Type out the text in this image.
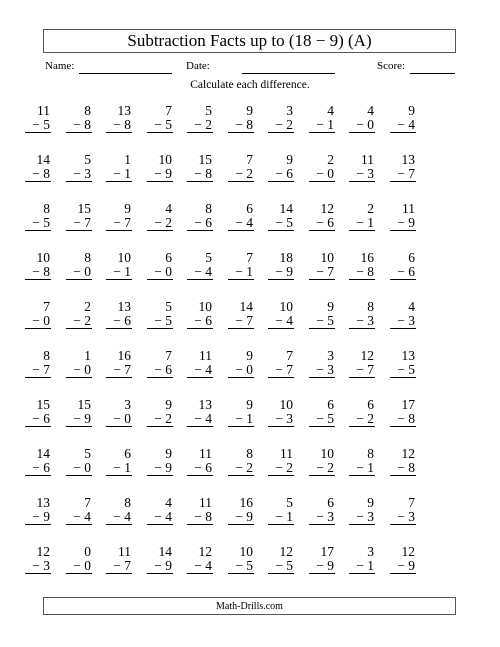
Subtraction Facts up to (18 − 9) (A)
Name:	Date:	Score:
Calculate each difference.
11
− 5
8
− 8
13
− 8
7
− 5
5
− 2
9
− 8
3
− 2
4
− 1
4
− 0
9
− 4
14
− 8
5
− 3
1
− 1
10
− 9
15
− 8
7
− 2
9
− 6
2
− 0
11
− 3
13
− 7
8
− 5
15
− 7
9
− 7
4
− 2
8
− 6
6
− 4
14
− 5
12
− 6
2
− 1
11
− 9
10
− 8
8
− 0
10
− 1
6
− 0
5
− 4
7
− 1
18
− 9
10
− 7
16
− 8
6
− 6
7
− 0
2
− 2
13
− 6
5
− 5
10
− 6
14
− 7
10
− 4
9
− 5
8
− 3
4
− 3
8
− 7
1
− 0
16
− 7
7
− 6
11
− 4
9
− 0
7
− 7
3
− 3
12
− 7
13
− 5
15
− 6
15
− 9
3
− 0
9
− 2
13
− 4
9
− 1
10
− 3
6
− 5
6
− 2
17
− 8
14
− 6
5
− 0
6
− 1
9
− 9
11
− 6
8
− 2
11
− 2
10
− 2
8
− 1
12
− 8
13
− 9
7
− 4
8
− 4
4
− 4
11
− 8
16
− 9
5
− 1
6
− 3
9
− 3
7
− 3
12
− 3
0
− 0
11
− 7
14
− 9
12
− 4
10
− 5
12
− 5
17
− 9
3
− 1
12
− 9
Math-Drills.com
